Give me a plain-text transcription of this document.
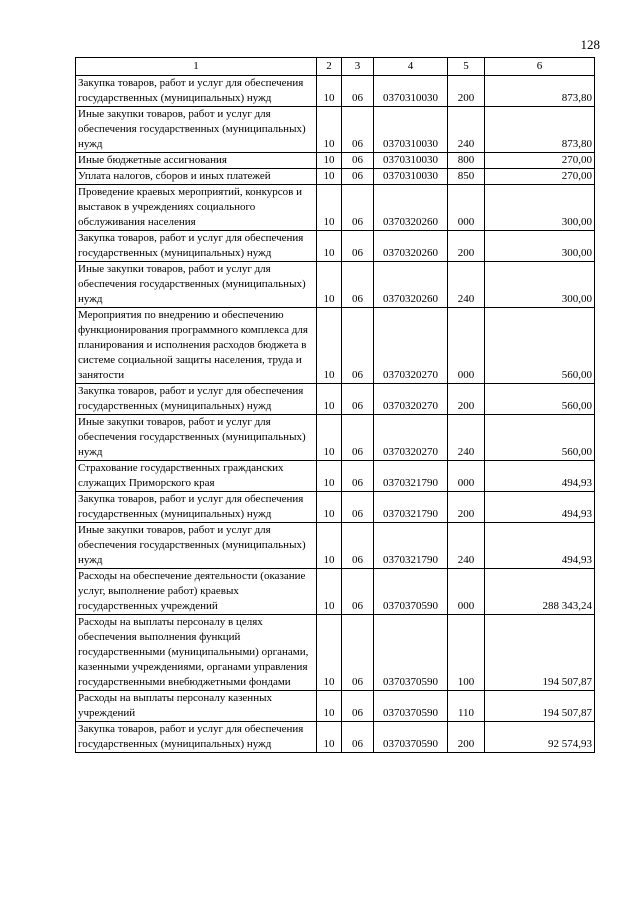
128
1	2	3	4	5	6
Закупка товаров, работ и услуг для обеспечения государственных (муниципальных) нужд	10	06	0370310030	200	873,80
Иные закупки товаров, работ и услуг для обеспечения государственных (муниципальных) нужд	10	06	0370310030	240	873,80
Иные бюджетные ассигнования	10	06	0370310030	800	270,00
Уплата налогов, сборов и иных платежей	10	06	0370310030	850	270,00
Проведение краевых мероприятий, конкурсов и выставок в учреждениях социального обслуживания населения	10	06	0370320260	000	300,00
Закупка товаров, работ и услуг для обеспечения государственных (муниципальных) нужд	10	06	0370320260	200	300,00
Иные закупки товаров, работ и услуг для обеспечения государственных (муниципальных) нужд	10	06	0370320260	240	300,00
Мероприятия по внедрению и обеспечению функционирования программного комплекса для планирования и исполнения расходов бюджета в системе социальной защиты населения, труда и занятости	10	06	0370320270	000	560,00
Закупка товаров, работ и услуг для обеспечения государственных (муниципальных) нужд	10	06	0370320270	200	560,00
Иные закупки товаров, работ и услуг для обеспечения государственных (муниципальных) нужд	10	06	0370320270	240	560,00
Страхование государственных гражданских служащих Приморского края	10	06	0370321790	000	494,93
Закупка товаров, работ и услуг для обеспечения государственных (муниципальных) нужд	10	06	0370321790	200	494,93
Иные закупки товаров, работ и услуг для обеспечения государственных (муниципальных) нужд	10	06	0370321790	240	494,93
Расходы на обеспечение деятельности (оказание услуг, выполнение работ) краевых государственных учреждений	10	06	0370370590	000	288 343,24
Расходы на выплаты персоналу в целях обеспечения выполнения функций государственными (муниципальными) органами, казенными учреждениями, органами управления государственными внебюджетными фондами	10	06	0370370590	100	194 507,87
Расходы на выплаты персоналу казенных учреждений	10	06	0370370590	110	194 507,87
Закупка товаров, работ и услуг для обеспечения государственных (муниципальных) нужд	10	06	0370370590	200	92 574,93
